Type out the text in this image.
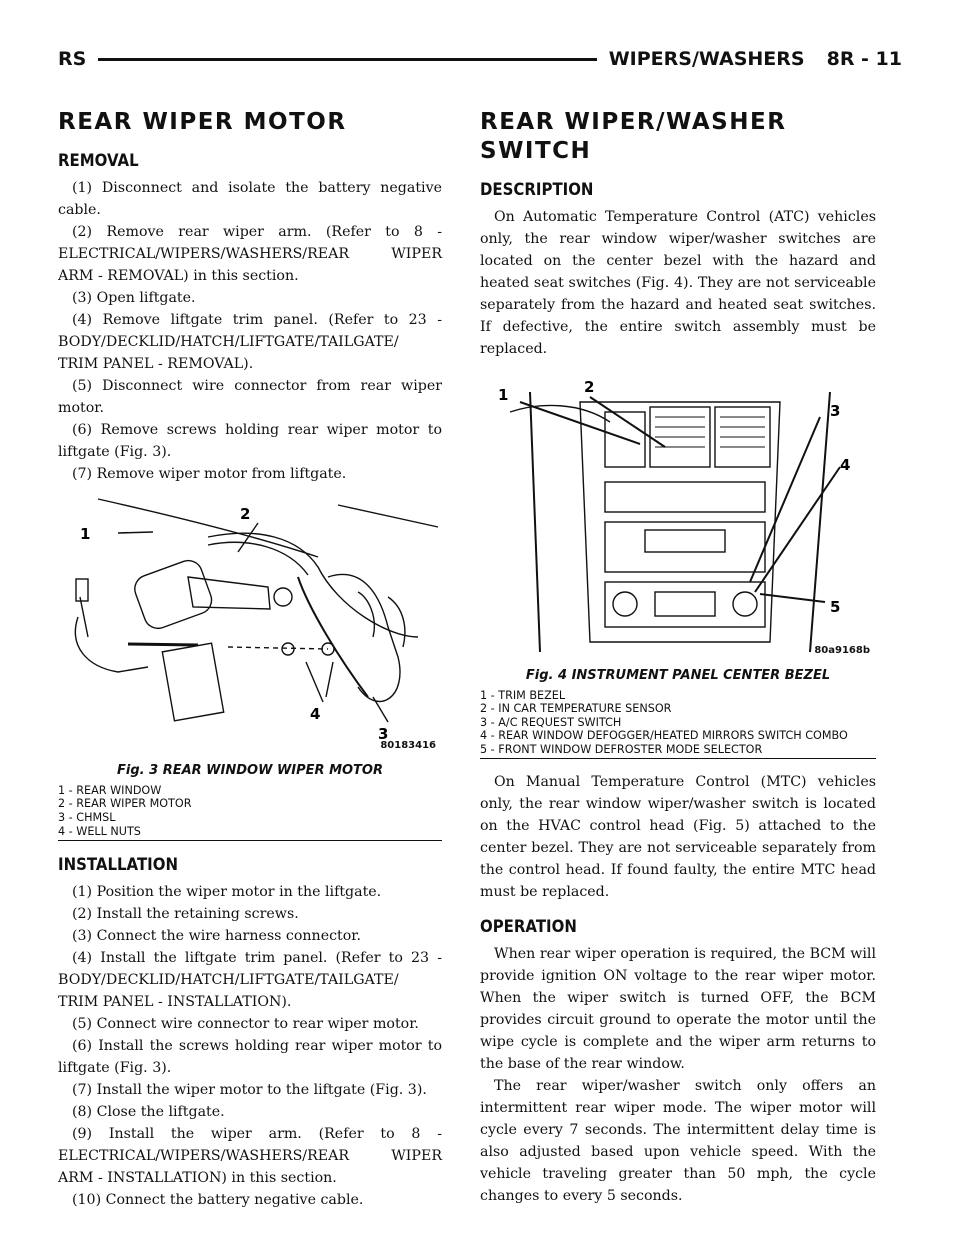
RS	WIPERS/WASHERS 8R - 11
REAR WIPER MOTOR
REMOVAL

(1) Disconnect and isolate the battery negative cable.

(2) Remove rear wiper arm. (Refer to 8 - ELECTRICAL/WIPERS/WASHERS/REAR WIPER ARM - REMOVAL) in this section.

(3) Open liftgate.

(4) Remove liftgate trim panel. (Refer to 23 - BODY/DECKLID/HATCH/LIFTGATE/TAILGATE/ TRIM PANEL - REMOVAL).

(5) Disconnect wire connector from rear wiper motor.

(6) Remove screws holding rear wiper motor to liftgate (Fig. 3).

(7) Remove wiper motor from liftgate.

1
2
3
4
80183416
Fig. 3 REAR WINDOW WIPER MOTOR
1 - REAR WINDOW
2 - REAR WIPER MOTOR
3 - CHMSL
4 - WELL NUTS
INSTALLATION

(1) Position the wiper motor in the liftgate.

(2) Install the retaining screws.

(3) Connect the wire harness connector.

(4) Install the liftgate trim panel. (Refer to 23 - BODY/DECKLID/HATCH/LIFTGATE/TAILGATE/ TRIM PANEL - INSTALLATION).

(5) Connect wire connector to rear wiper motor.

(6) Install the screws holding rear wiper motor to liftgate (Fig. 3).

(7) Install the wiper motor to the liftgate (Fig. 3).

(8) Close the liftgate.

(9) Install the wiper arm. (Refer to 8 - ELECTRICAL/WIPERS/WASHERS/REAR WIPER ARM - INSTALLATION) in this section.

(10) Connect the battery negative cable.

REAR WIPER/WASHER SWITCH
DESCRIPTION

On Automatic Temperature Control (ATC) vehicles only, the rear window wiper/washer switches are located on the center bezel with the hazard and heated seat switches (Fig. 4). They are not serviceable separately from the hazard and heated seat switches. If defective, the entire switch assembly must be replaced.

1	2
3
4
5
80a9168b
Fig. 4 INSTRUMENT PANEL CENTER BEZEL
1 - TRIM BEZEL
2 - IN CAR TEMPERATURE SENSOR
3 - A/C REQUEST SWITCH
4 - REAR WINDOW DEFOGGER/HEATED MIRRORS SWITCH COMBO
5 - FRONT WINDOW DEFROSTER MODE SELECTOR

On Manual Temperature Control (MTC) vehicles only, the rear window wiper/washer switch is located on the HVAC control head (Fig. 5) attached to the center bezel. They are not serviceable separately from the control head. If found faulty, the entire MTC head must be replaced.

OPERATION

When rear wiper operation is required, the BCM will provide ignition ON voltage to the rear wiper motor. When the wiper switch is turned OFF, the BCM provides circuit ground to operate the motor until the wipe cycle is complete and the wiper arm returns to the base of the rear window.

The rear wiper/washer switch only offers an intermittent rear wiper mode. The wiper motor will cycle every 7 seconds. The intermittent delay time is also adjusted based upon vehicle speed. With the vehicle traveling greater than 50 mph, the cycle changes to every 5 seconds.
